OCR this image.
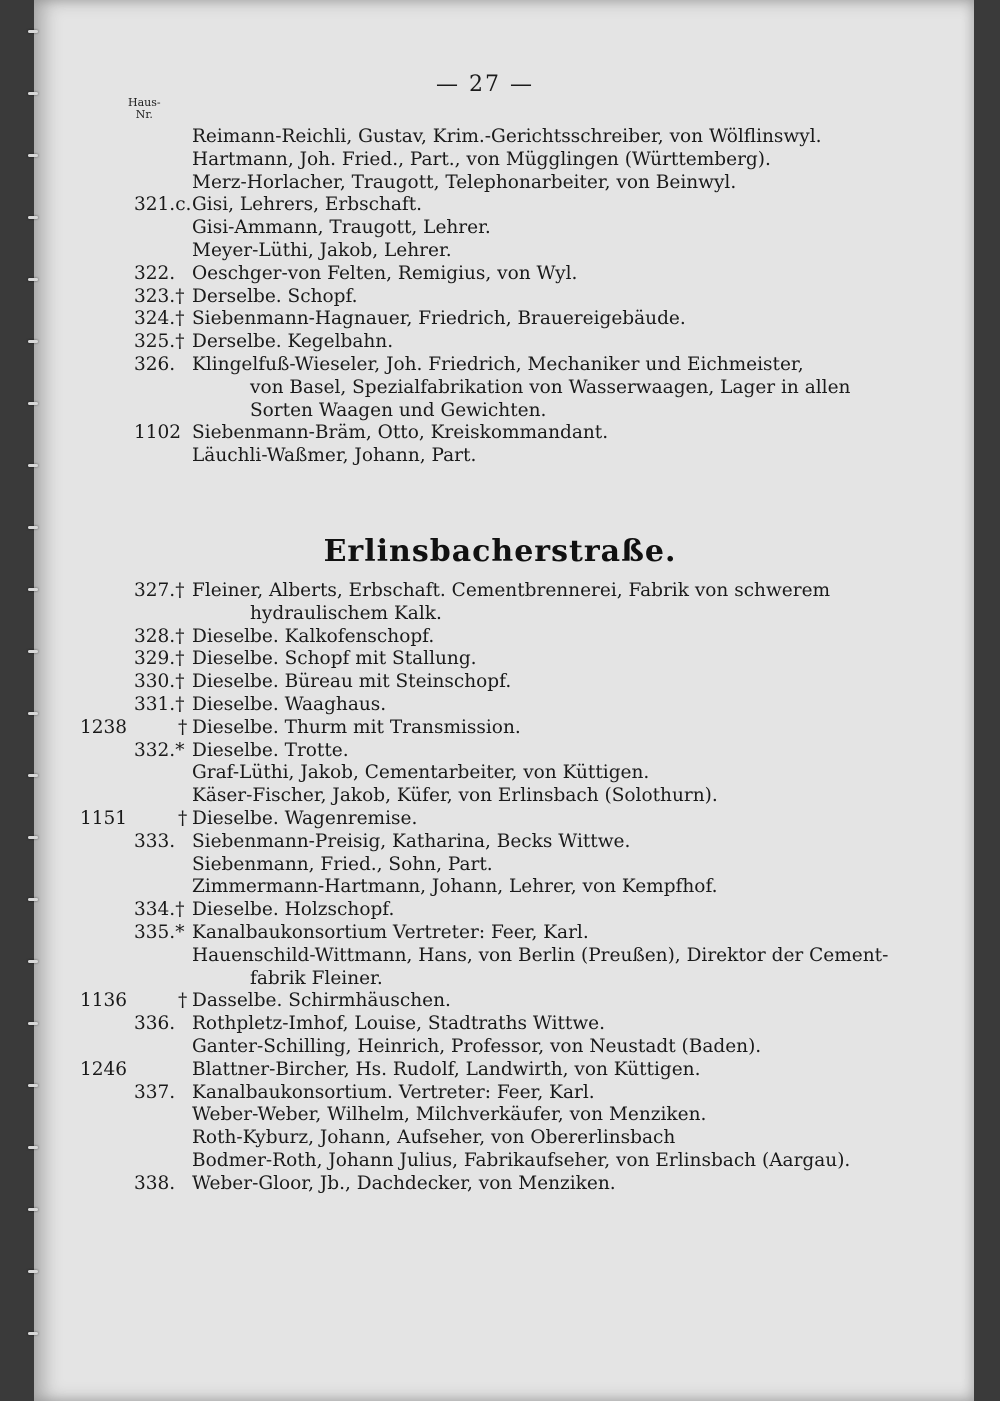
— 27 —
Haus-
Nr.
Reimann-Reichli, Gustav, Krim.-Gerichtsschreiber, von Wölflinswyl.
Hartmann, Joh. Fried., Part., von Mügglingen (Württemberg).
Merz-Horlacher, Traugott, Telephonarbeiter, von Beinwyl.
321.c. Gisi, Lehrers, Erbschaft.
Gisi-Ammann, Traugott, Lehrer.
Meyer-Lüthi, Jakob, Lehrer.
322. Oeschger-von Felten, Remigius, von Wyl.
323.† Derselbe. Schopf.
324.† Siebenmann-Hagnauer, Friedrich, Brauereigebäude.
325.† Derselbe. Kegelbahn.
326. Klingelfuß-Wieseler, Joh. Friedrich, Mechaniker und Eichmeister,
von Basel, Spezialfabrikation von Wasserwaagen, Lager in allen
Sorten Waagen und Gewichten.
1102 Siebenmann-Bräm, Otto, Kreiskommandant.
Läuchli-Waßmer, Johann, Part.
Erlinsbacherstraße.
327.† Fleiner, Alberts, Erbschaft. Cementbrennerei, Fabrik von schwerem
hydraulischem Kalk.
328.† Dieselbe. Kalkofenschopf.
329.† Dieselbe. Schopf mit Stallung.
330.† Dieselbe. Büreau mit Steinschopf.
331.† Dieselbe. Waaghaus.
1238	† Dieselbe. Thurm mit Transmission.
332.* Dieselbe. Trotte.
Graf-Lüthi, Jakob, Cementarbeiter, von Küttigen.
Käser-Fischer, Jakob, Küfer, von Erlinsbach (Solothurn).
1151	† Dieselbe. Wagenremise.
333. Siebenmann-Preisig, Katharina, Becks Wittwe.
Siebenmann, Fried., Sohn, Part.
Zimmermann-Hartmann, Johann, Lehrer, von Kempfhof.
334.† Dieselbe. Holzschopf.
335.* Kanalbaukonsortium Vertreter: Feer, Karl.
Hauenschild-Wittmann, Hans, von Berlin (Preußen), Direktor der Cement-
fabrik Fleiner.
1136	† Dasselbe. Schirmhäuschen.
336. Rothpletz-Imhof, Louise, Stadtraths Wittwe.
Ganter-Schilling, Heinrich, Professor, von Neustadt (Baden).
1246	Blattner-Bircher, Hs. Rudolf, Landwirth, von Küttigen.
337. Kanalbaukonsortium. Vertreter: Feer, Karl.
Weber-Weber, Wilhelm, Milchverkäufer, von Menziken.
Roth-Kyburz, Johann, Aufseher, von Obererlinsbach
Bodmer-Roth, Johann Julius, Fabrikaufseher, von Erlinsbach (Aargau).
338. Weber-Gloor, Jb., Dachdecker, von Menziken.
